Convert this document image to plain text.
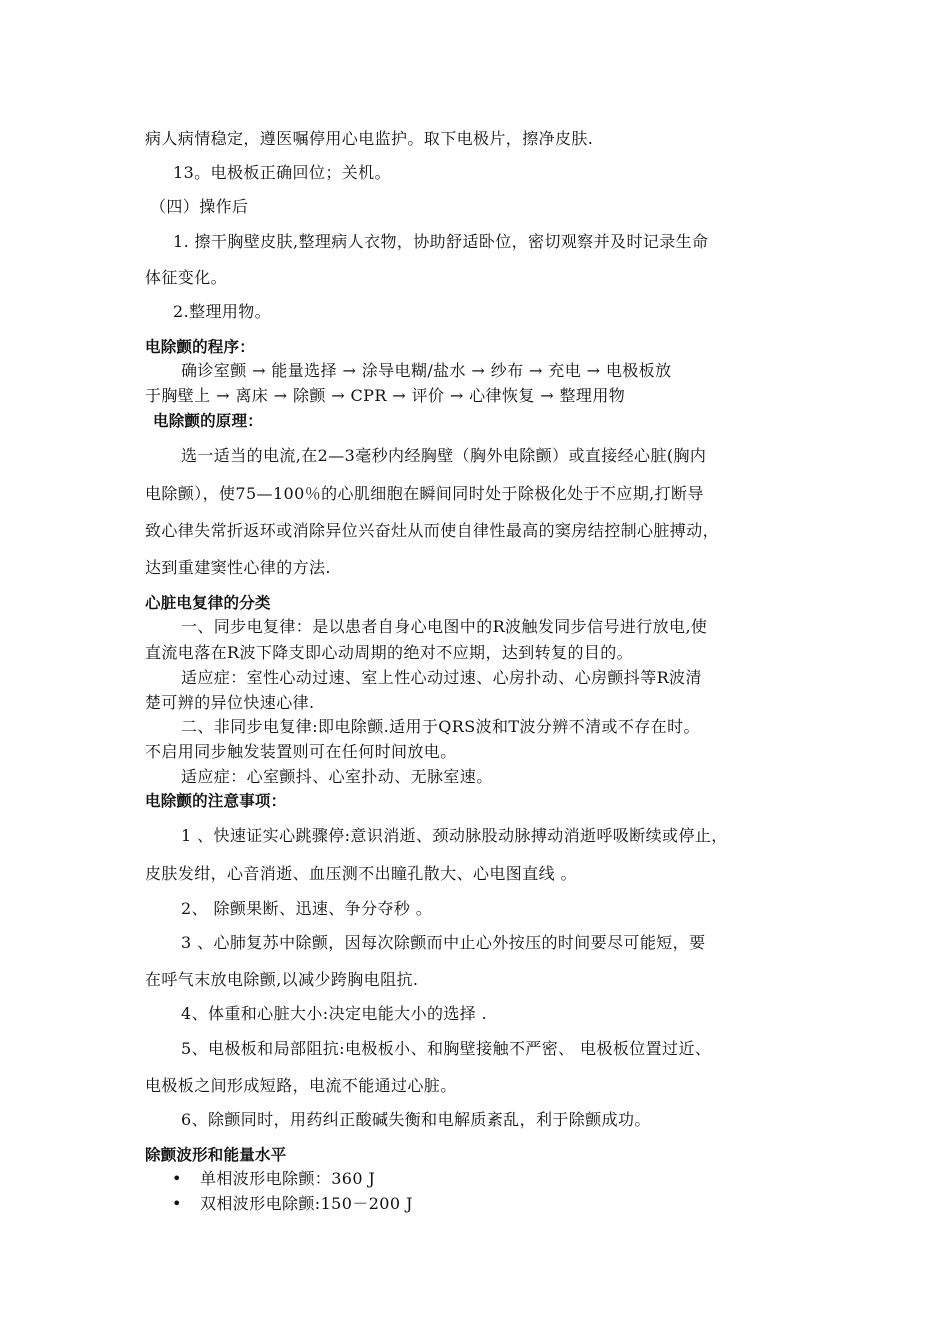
病人病情稳定，遵医嘱停用心电监护。取下电极片，擦净皮肤.

13。电极板正确回位；关机。

（四）操作后

1. 擦干胸壁皮肤,整理病人衣物，协助舒适卧位，密切观察并及时记录生命

体征变化。

2.整理用物。

电除颤的程序：

确诊室颤 → 能量选择 → 涂导电糊/盐水 → 纱布 → 充电 → 电极板放

于胸壁上 → 离床 → 除颤 → CPR → 评价 → 心律恢复 → 整理用物

电除颤的原理：

选一适当的电流,在2—3毫秒内经胸壁（胸外电除颤）或直接经心脏(胸内

电除颤），使75—100％的心肌细胞在瞬间同时处于除极化处于不应期,打断导

致心律失常折返环或消除异位兴奋灶从而使自律性最高的窦房结控制心脏搏动，

达到重建窦性心律的方法.

心脏电复律的分类

一、同步电复律：是以患者自身心电图中的R波触发同步信号进行放电,使

直流电落在R波下降支即心动周期的绝对不应期，达到转复的目的。

适应症：室性心动过速、室上性心动过速、心房扑动、心房颤抖等R波清

楚可辨的异位快速心律.

二、非同步电复律:即电除颤.适用于QRS波和T波分辨不清或不存在时。

不启用同步触发装置则可在任何时间放电。

适应症：心室颤抖、心室扑动、无脉室速。

电除颤的注意事项：

1 、快速证实心跳骤停:意识消逝、颈动脉股动脉搏动消逝呼吸断续或停止，

皮肤发绀，心音消逝、血压测不出瞳孔散大、心电图直线 。

2、 除颤果断、迅速、争分夺秒 。

3 、心肺复苏中除颤，因每次除颤而中止心外按压的时间要尽可能短，要

在呼气末放电除颤,以减少跨胸电阻抗.

4、体重和心脏大小:决定电能大小的选择 .

5、电极板和局部阻抗:电极板小、和胸壁接触不严密、 电极板位置过近、

电极板之间形成短路，电流不能通过心脏。

6、除颤同时，用药纠正酸碱失衡和电解质紊乱，利于除颤成功。

除颤波形和能量水平

• 单相波形电除颤：360 J

• 双相波形电除颤:150－200 J
